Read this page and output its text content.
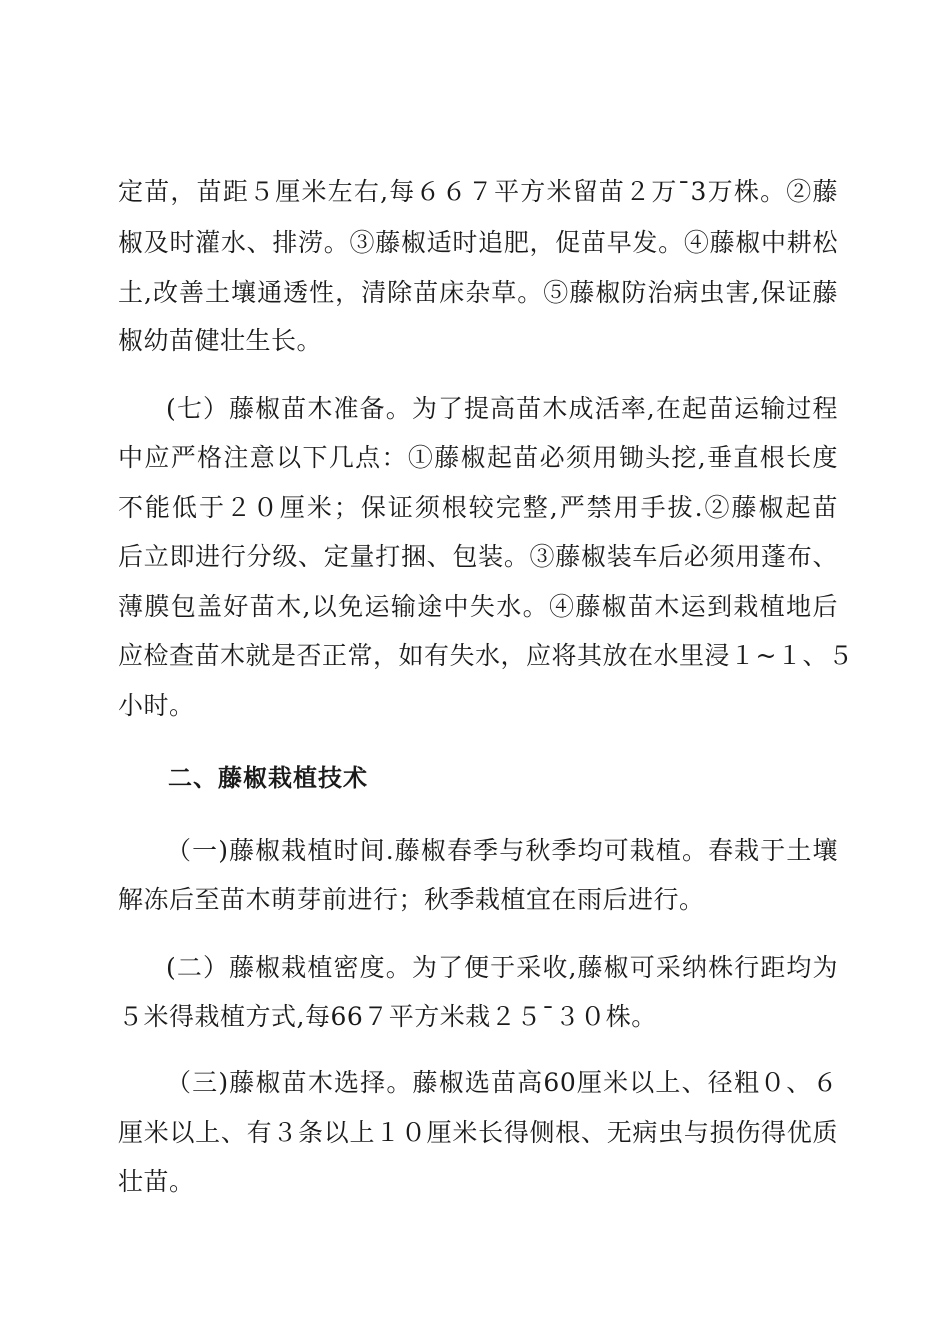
定苗，苗距５厘米左右,每６６７平方米留苗２万¯3万株。②藤
椒及时灌水、排涝。③藤椒适时追肥，促苗早发。④藤椒中耕松
土,改善土壤通透性，清除苗床杂草。⑤藤椒防治病虫害,保证藤
椒幼苗健壮生长。
(七）藤椒苗木准备。为了提高苗木成活率,在起苗运输过程
中应严格注意以下几点：①藤椒起苗必须用锄头挖,垂直根长度
不能低于２０厘米；保证须根较完整,严禁用手拔.②藤椒起苗
后立即进行分级、定量打捆、包装。③藤椒装车后必须用蓬布、
薄膜包盖好苗木,以免运输途中失水。④藤椒苗木运到栽植地后
应检查苗木就是否正常，如有失水，应将其放在水里浸１~１、５
小时。
二、藤椒栽植技术
（一)藤椒栽植时间.藤椒春季与秋季均可栽植。春栽于土壤
解冻后至苗木萌芽前进行；秋季栽植宜在雨后进行。
(二）藤椒栽植密度。为了便于采收,藤椒可采纳株行距均为
５米得栽植方式,每66７平方米栽２５¯３０株。
（三)藤椒苗木选择。藤椒选苗高60厘米以上、径粗０、６
厘米以上、有３条以上１０厘米长得侧根、无病虫与损伤得优质
壮苗。
